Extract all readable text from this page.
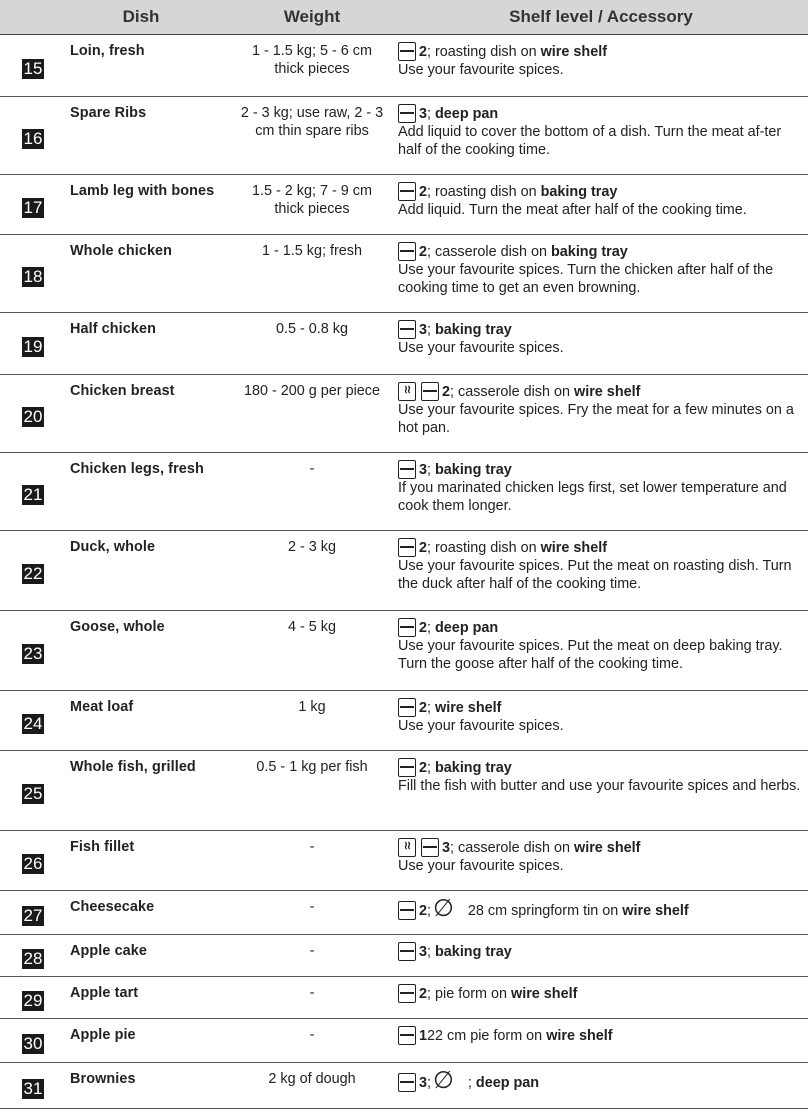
	Dish	Weight	Shelf level / Accessory
15	Loin, fresh	1 - 1.5 kg; 5 - 6 cm thick pieces	2 ; roasting dish on wire shelf
Use your favourite spices.

16	Spare Ribs	2 - 3 kg; use raw, 2 - 3 cm thin spare ribs	3 ; deep pan
Add liquid to cover the bottom of a dish. Turn the meat af-ter half of the cooking time.

17	Lamb leg with bones	1.5 - 2 kg; 7 - 9 cm thick pieces	2 ; roasting dish on baking tray
Add liquid. Turn the meat after half of the cooking time.

18	Whole chicken	1 - 1.5 kg; fresh	2 ; casserole dish on baking tray
Use your favourite spices. Turn the chicken after half of the cooking time to get an even browning.

19	Half chicken	0.5 - 0.8 kg	3 ; baking tray
Use your favourite spices.

20	Chicken breast	180 - 200 g per piece	≀≀ 2 ; casserole dish on wire shelf
Use your favourite spices. Fry the meat for a few minutes on a hot pan.

21	Chicken legs, fresh	-	3 ; baking tray
If you marinated chicken legs first, set lower temperature and cook them longer.

22	Duck, whole	2 - 3 kg	2 ; roasting dish on wire shelf
Use your favourite spices. Put the meat on roasting dish. Turn the duck after half of the cooking time.

23	Goose, whole	4 - 5 kg	2 ; deep pan
Use your favourite spices. Put the meat on deep baking tray. Turn the goose after half of the cooking time.

24	Meat loaf	1 kg	2 ; wire shelf
Use your favourite spices.

25	Whole fish, grilled	0.5 - 1 kg per fish	2 ; baking tray
Fill the fish with butter and use your favourite spices and herbs.

26	Fish fillet	-	≀≀ 3 ; casserole dish on wire shelf
Use your favourite spices.

27	Cheesecake	-	2 ; ∅ 28 cm springform tin on wire shelf

28	Apple cake	-	3 ; baking tray

29	Apple tart	-	2 ; pie form on wire shelf

30	Apple pie	-	1 22 cm pie form on wire shelf

31	Brownies	2 kg of dough	3 ; ∅ ; deep pan
